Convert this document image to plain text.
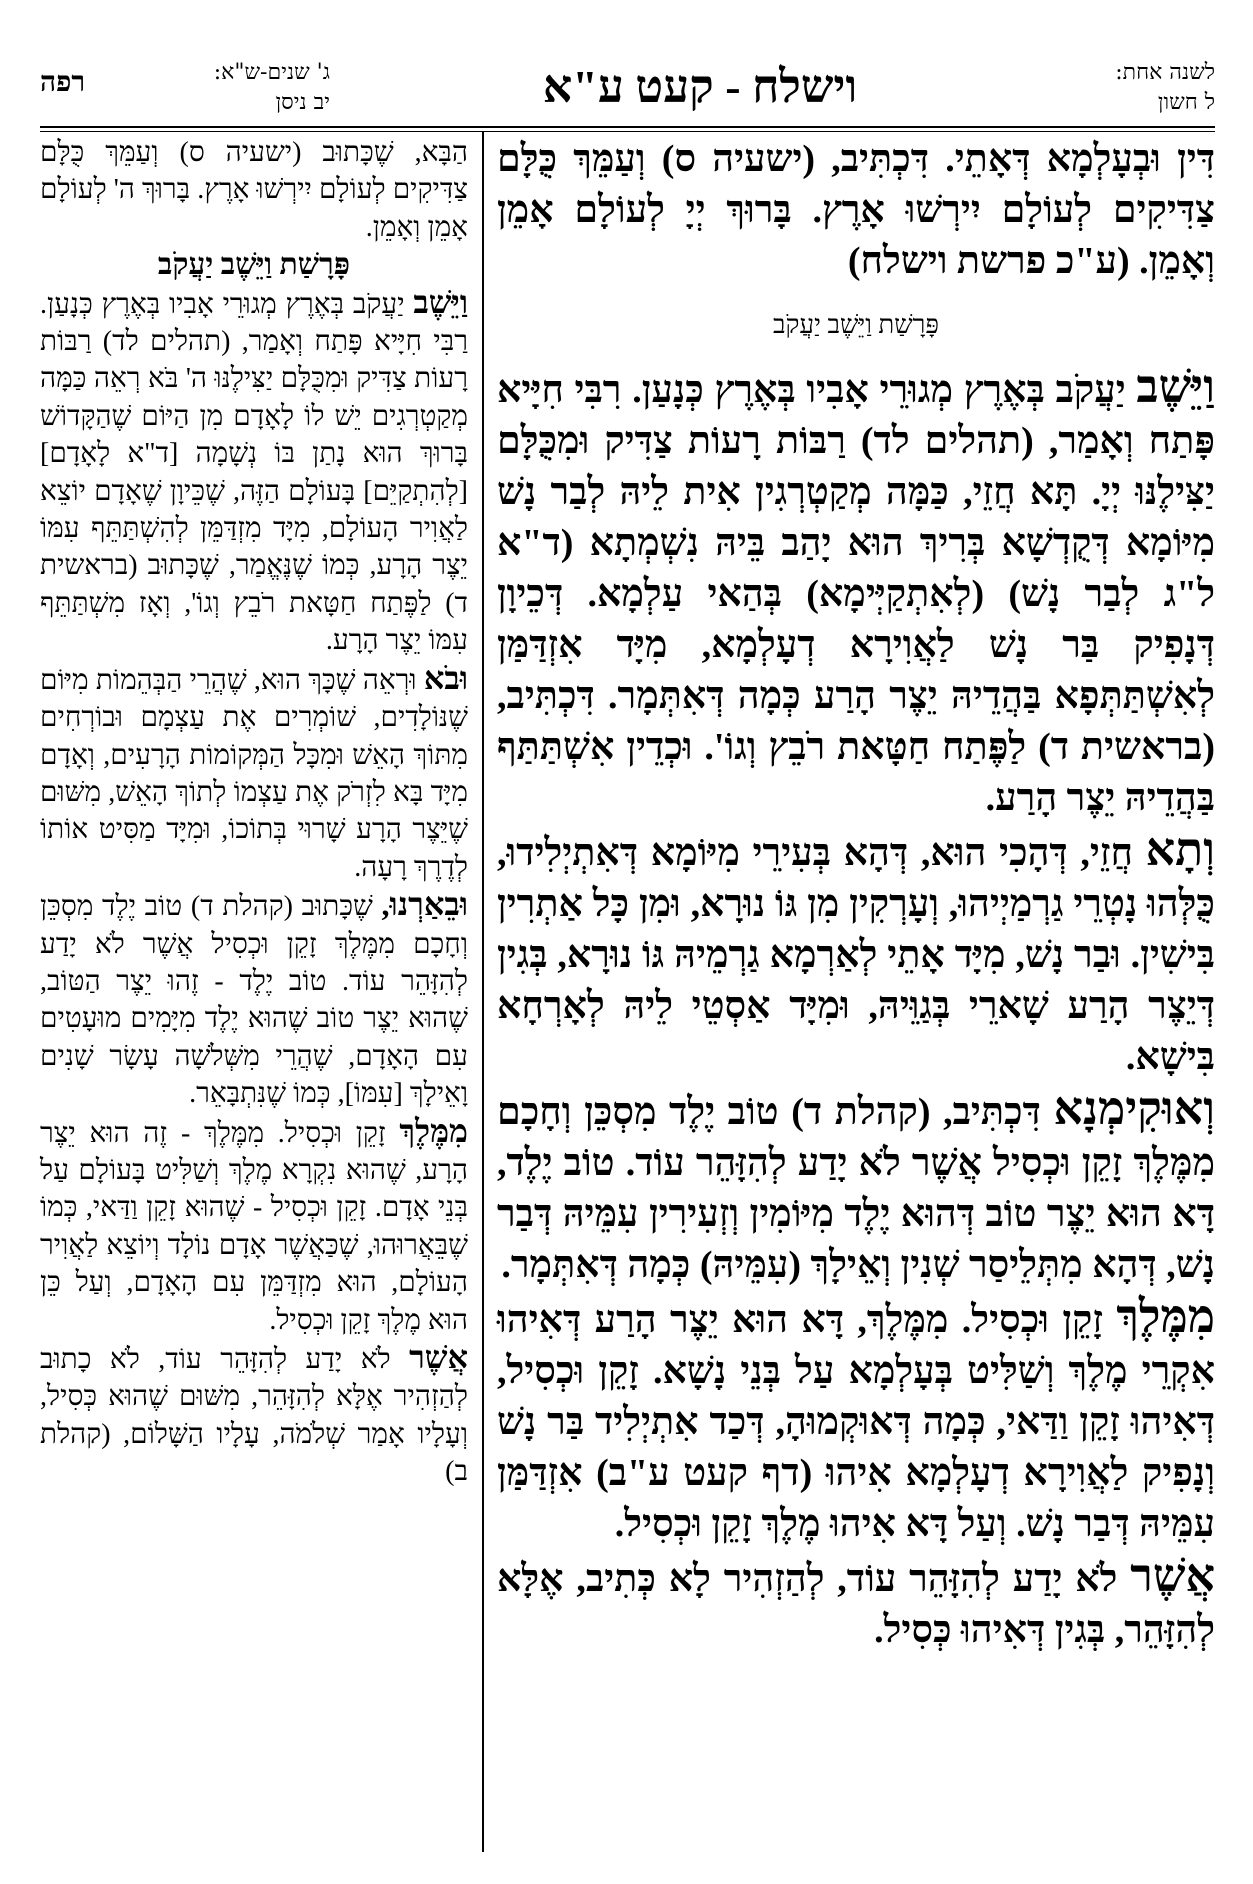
לשנה אחת:
ל חשון
וישלח - קעט ע"א
ג' שנים-ש"א:
יב ניסן
רפה

דִּין וּבְעָלְמָא דְּאָתֵי. דִּכְתִּיב, (ישעיה ס) וְעַמֵּךְ כֻּלָּם צַדִּיקִים לְעוֹלָם יִירְשׁוּ אָרֶץ. בָּרוּךְ יְיָ לְעוֹלָם אָמֵן וְאָמֵן. (ע"כ פרשת וישלח)

פָּרָשַׁת וַיֵּשֶׁב יַעֲקֹב

וַיֵּשֶׁב יַעֲקֹב בְּאֶרֶץ מְגוּרֵי אָבִיו בְּאֶרֶץ כְּנָעַן. רִבִּי חִיָּיא פָּתַח וְאָמַר, (תהלים לד) רַבּוֹת רָעוֹת צַדִּיק וּמִכֻּלָּם יַצִּילֶנּוּ יְיָ. תָּא חֲזֵי, כַּמָּה מְקַטְרְגִין אִית לֵיהּ לְבַר נָשׁ מִיּוֹמָא דְּקֻדְשָׁא בְּרִיךְ הוּא יָהַב בֵּיהּ נִשְׁמְתָא (ד"א ל"ג לְבַר נָשׁ) (לְאִתְקַיְּימָא) בְּהַאי עַלְמָא. דְּכֵיוָן דְּנָפִיק בַּר נָשׁ לַאֲוִירָא דְעָלְמָא, מִיָּד אִזְדַּמַּן לְאִשְׁתַּתְּפָא בַּהֲדֵיהּ יֵצֶר הָרַע כְּמָה דְּאִתְּמָר. דִּכְתִּיב, (בראשית ד) לַפֶּתַח חַטָּאת רֹבֵץ וְגוֹ'. וּכְדֵין אִשְׁתַּתַּף בַּהֲדֵיהּ יֵצֶר הָרַע.

וְתָא חֲזֵי, דְּהָכִי הוּא, דְּהָא בְּעִירֵי מִיּוֹמָא דְּאִתְיְלִידוּ, כֻּלְּהוּ נָטְרֵי גַרְמַיְיהוּ, וְעָרְקִין מִן גּוֹ נוּרָא, וּמִן כָּל אַתְרִין בִּישִׁין. וּבַר נָשׁ, מִיָּד אָתֵי לְאַרְמָא גַרְמֵיהּ גּוֹ נוּרָא, בְּגִין דְּיֵצֶר הָרַע שָׁארֵי בְּגַוֵּיהּ, וּמִיָּד אַסְטֵי לֵיהּ לְאָרְחָא בִּישָׁא.

וְאוּקִימְנָא דִּכְתִּיב, (קהלת ד) טוֹב יֶלֶד מִסְכֵּן וְחָכָם מִמֶּלֶךְ זָקֵן וּכְסִיל אֲשֶׁר לֹא יָדַע לְהִזָּהֵר עוֹד. טוֹב יֶלֶד, דָּא הוּא יֵצֶר טוֹב דְּהוּא יֶלֶד מִיּוֹמִין וְזְעִירִין עִמֵּיהּ דְּבַר נָשׁ, דְּהָא מִתְּלֵיסַר שְׁנִין וְאֵילָךְ (עִמֵּיהּ) כְּמָה דְּאִתְּמָר.

מִמֶּלֶךְ זָקֵן וּכְסִיל. מִמֶּלֶךְ, דָּא הוּא יֵצֶר הָרַע דְּאִיהוּ אִקְרֵי מֶלֶךְ וְשַׁלִּיט בְּעָלְמָא עַל בְּנֵי נָשָׁא. זָקֵן וּכְסִיל, דְּאִיהוּ זָקֵן וַדַּאי, כְּמָה דְּאוּקְמוּהָ, דְּכַד אִתְיְלִיד בַּר נָשׁ וְנָפִיק לַאֲוִירָא דְעָלְמָא אִיהוּ (דף קעט ע"ב) אִזְדַּמַּן עִמֵּיהּ דְּבַר נָשׁ. וְעַל דָּא אִיהוּ מֶלֶךְ זָקֵן וּכְסִיל.

אֲשֶׁר לֹא יָדַע לְהִזָּהֵר עוֹד, לְהַזְהִיר לָא כְּתִיב, אֶלָּא לְהִזָּהֵר, בְּגִין דְּאִיהוּ כְּסִיל.

הַבָּא, שֶׁכָּתוּב (ישעיה ס) וְעַמֵּךְ כֻּלָּם צַדִּיקִים לְעוֹלָם יִירְשׁוּ אָרֶץ. בָּרוּךְ ה' לְעוֹלָם אָמֵן וְאָמֵן.

פָּרָשַׁת וַיֵּשֶׁב יַעֲקֹב

וַיֵּשֶׁב יַעֲקֹב בְּאֶרֶץ מְגוּרֵי אָבִיו בְּאֶרֶץ כְּנָעַן. רַבִּי חִיָּיא פָּתַח וְאָמַר, (תהלים לד) רַבּוֹת רָעוֹת צַדִּיק וּמִכֻּלָּם יַצִּילֶנּוּ ה' בֹּא רְאֵה כַּמָּה מְקַטְרְגִים יֵשׁ לוֹ לָאָדָם מִן הַיּוֹם שֶׁהַקָּדוֹשׁ בָּרוּךְ הוּא נָתַן בּוֹ נְשָׁמָה [ד"א לָאָדָם] [לְהִתְקַיֵּם] בָּעוֹלָם הַזֶּה, שֶׁכֵּיוָן שֶׁאָדָם יוֹצֵא לַאֲוִיר הָעוֹלָם, מִיָּד מִזְדַּמֵּן לְהִשְׁתַּתֵּף עִמּוֹ יֵצֶר הָרָע, כְּמוֹ שֶׁנֶּאֱמַר, שֶׁכָּתוּב (בראשית ד) לַפֶּתַח חַטָּאת רֹבֵץ וְגוֹ', וְאָז מִשְׁתַּתֵּף עִמּוֹ יֵצֶר הָרָע.

וּבֹא וּרְאֵה שֶׁכָּךְ הוּא, שֶׁהֲרֵי הַבְּהֵמוֹת מִיּוֹם שֶׁנּוֹלָדִים, שׁוֹמְרִים אֶת עַצְמָם וּבוֹרְחִים מִתּוֹךְ הָאֵשׁ וּמִכָּל הַמְּקוֹמוֹת הָרָעִים, וְאָדָם מִיָּד בָּא לִזְרֹק אֶת עַצְמוֹ לְתוֹךְ הָאֵשׁ, מִשּׁוּם שֶׁיֵּצֶר הָרָע שָׁרוּי בְּתוֹכוֹ, וּמִיָּד מַסִּיט אוֹתוֹ לְדֶרֶךְ רָעָה.

וּבֵאַרְנוּ, שֶׁכָּתוּב (קהלת ד) טוֹב יֶלֶד מִסְכֵּן וְחָכָם מִמֶּלֶךְ זָקֵן וּכְסִיל אֲשֶׁר לֹא יָדַע לְהִזָּהֵר עוֹד. טוֹב יֶלֶד - זֶהוּ יֵצֶר הַטּוֹב, שֶׁהוּא יֵצֶר טוֹב שֶׁהוּא יֶלֶד מִיָּמִים מוּעָטִים עִם הָאָדָם, שֶׁהֲרֵי מִשְּׁלֹשָׁה עָשָׂר שָׁנִים וָאֵילָךְ [עִמּוֹ], כְּמוֹ שֶׁנִּתְבָּאֵר.

מִמֶּלֶךְ זָקֵן וּכְסִיל. מִמֶּלֶךְ - זֶה הוּא יֵצֶר הָרָע, שֶׁהוּא נִקְרָא מֶלֶךְ וְשַׁלִּיט בָּעוֹלָם עַל בְּנֵי אָדָם. זָקֵן וּכְסִיל - שֶׁהוּא זָקֵן וַדַּאי, כְּמוֹ שֶׁבֵּאֲרוּהוּ, שֶׁכַּאֲשֶׁר אָדָם נוֹלָד וְיוֹצֵא לַאֲוִיר הָעוֹלָם, הוּא מִזְדַּמֵּן עִם הָאָדָם, וְעַל כֵּן הוּא מֶלֶךְ זָקֵן וּכְסִיל.

אֲשֶׁר לֹא יָדַע לְהִזָּהֵר עוֹד, לֹא כָתוּב לְהַזְהִיר אֶלָּא לְהִזָּהֵר, מִשּׁוּם שֶׁהוּא כְּסִיל, וְעָלָיו אָמַר שְׁלֹמֹה, עָלָיו הַשָּׁלוֹם, (קהלת ב)
